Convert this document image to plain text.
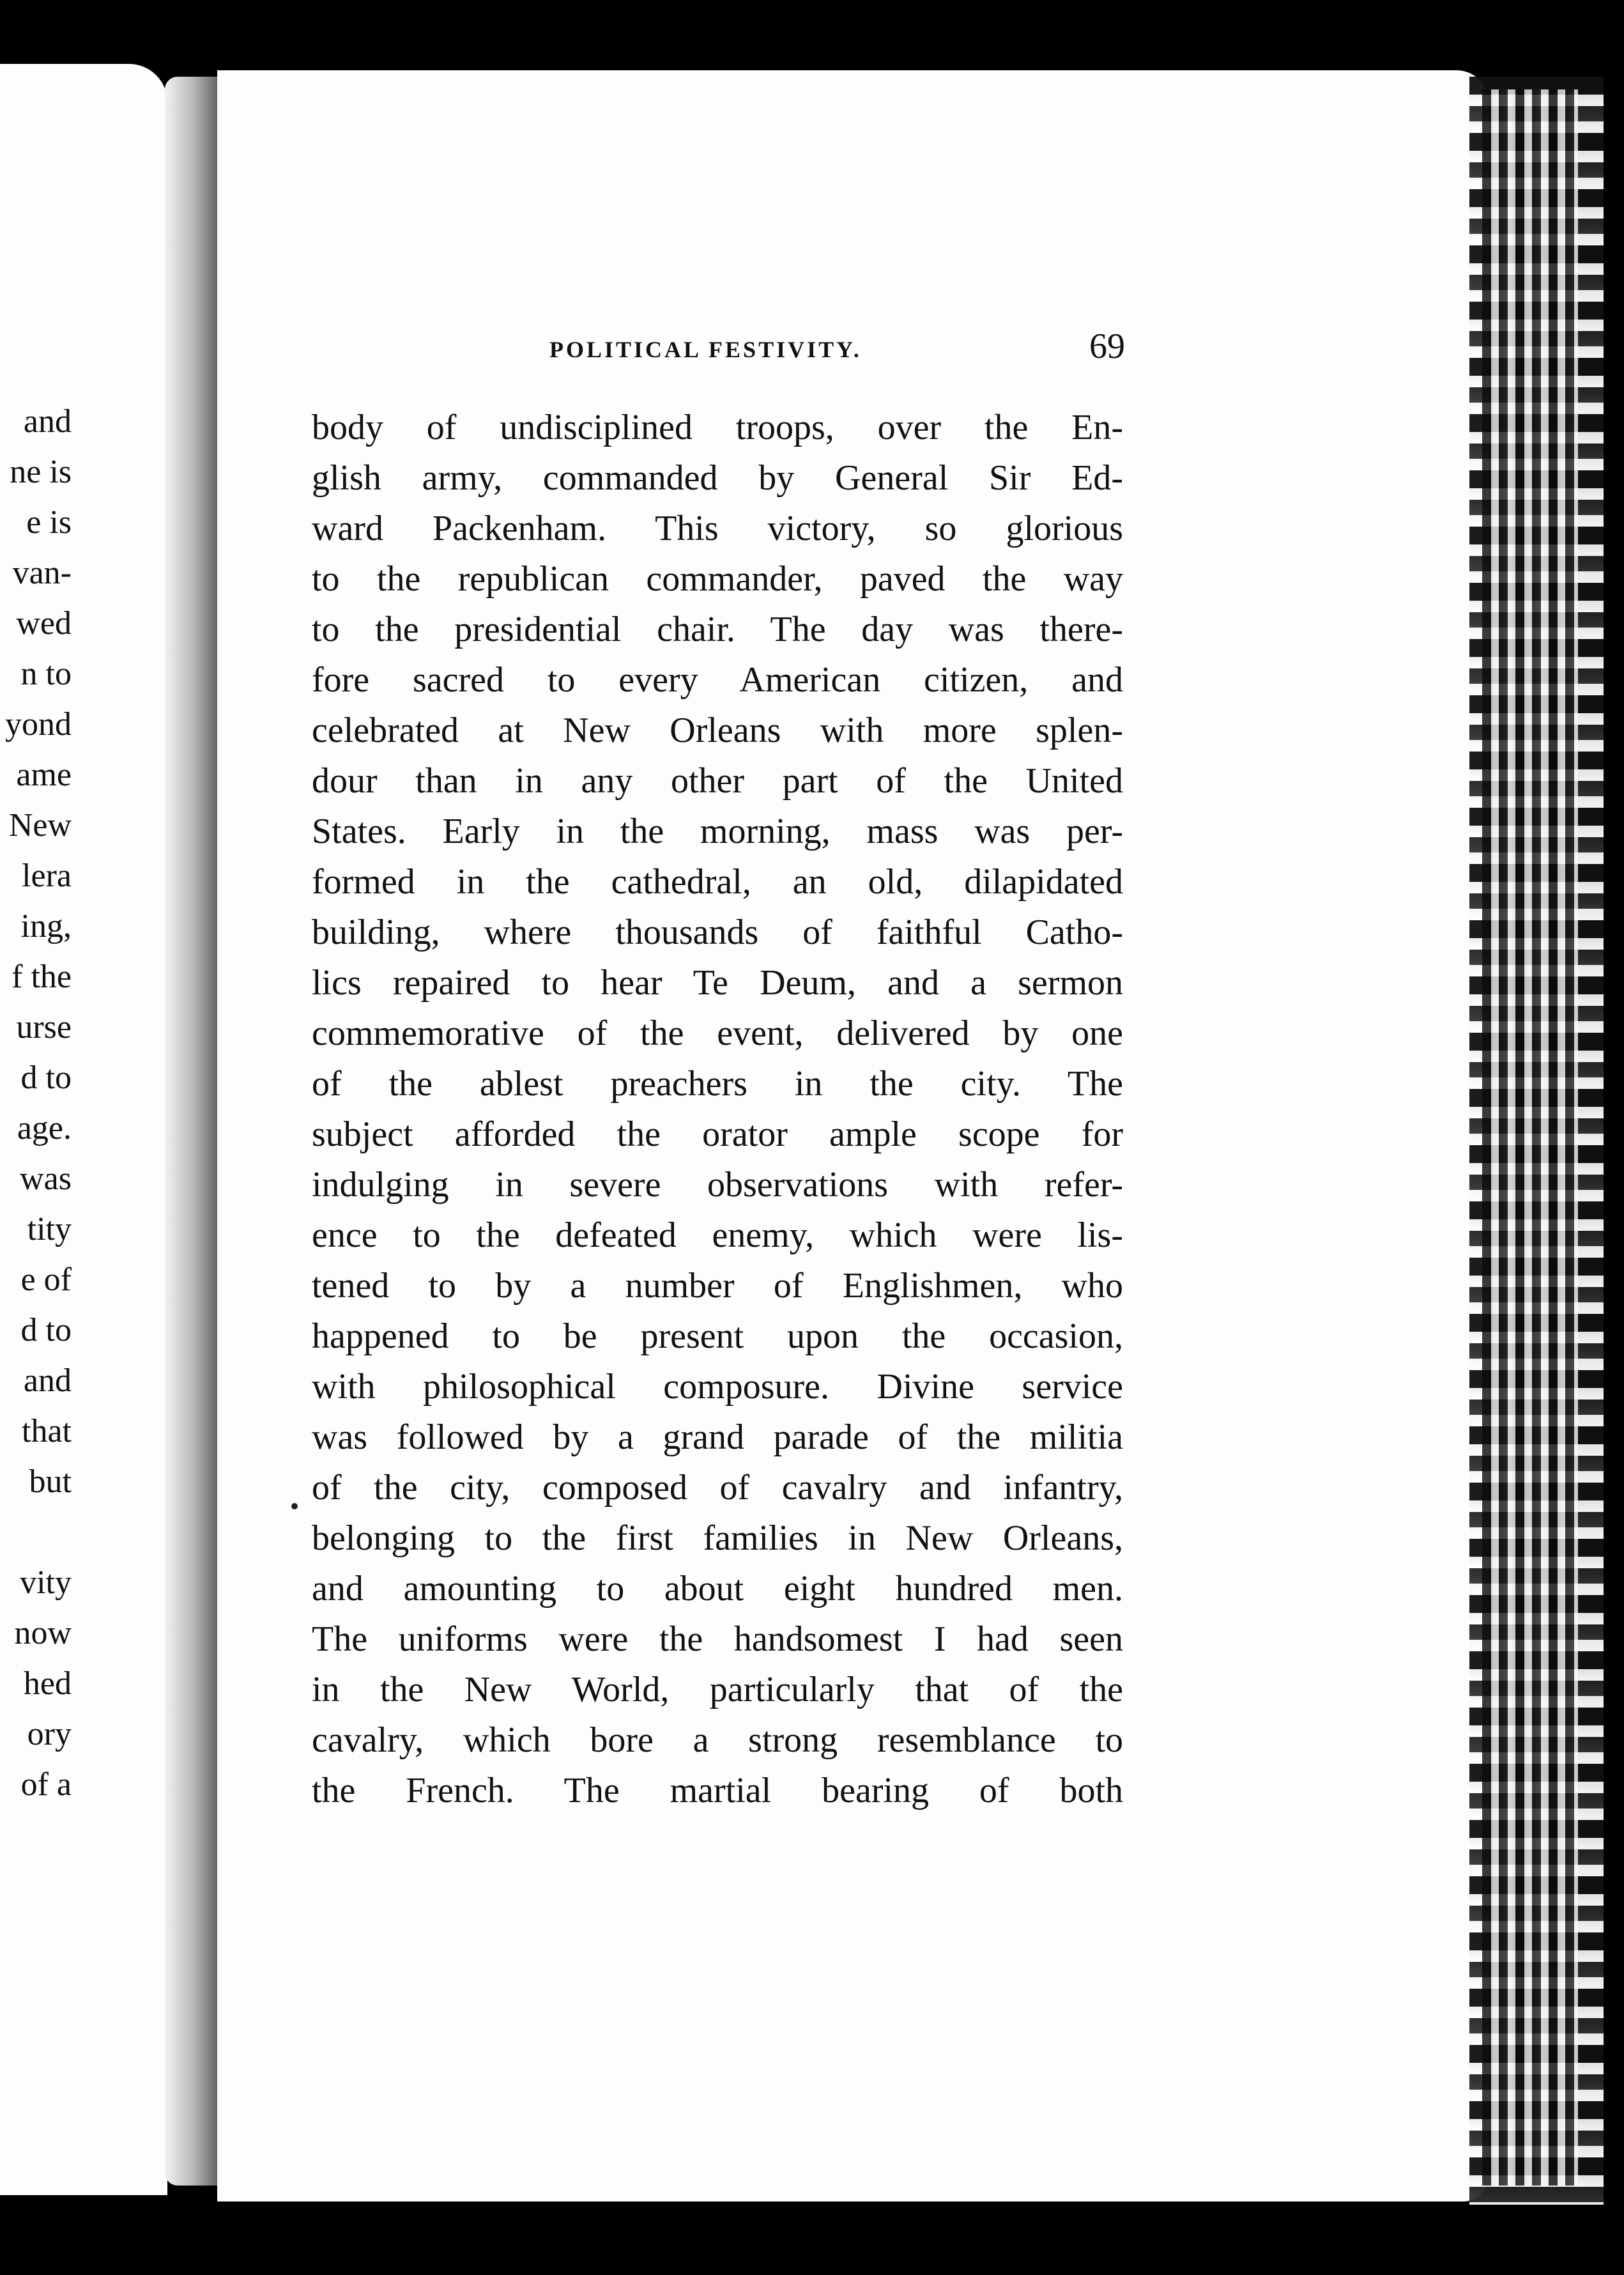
and
ne is
e is
van-
wed
n to
yond
ame
New
lera
ing,
f the
urse
d to
age.
was
tity
e of
d to
and
that
but
vity
now
hed
ory
of a
POLITICAL FESTIVITY.	69
body of undisciplined troops, over the En-
glish army, commanded by General Sir Ed-
ward Packenham. This victory, so glorious
to the republican commander, paved the way
to the presidential chair. The day was there-
fore sacred to every American citizen, and
celebrated at New Orleans with more splen-
dour than in any other part of the United
States. Early in the morning, mass was per-
formed in the cathedral, an old, dilapidated
building, where thousands of faithful Catho-
lics repaired to hear Te Deum, and a sermon
commemorative of the event, delivered by one
of the ablest preachers in the city. The
subject afforded the orator ample scope for
indulging in severe observations with refer-
ence to the defeated enemy, which were lis-
tened to by a number of Englishmen, who
happened to be present upon the occasion,
with philosophical composure. Divine service
was followed by a grand parade of the militia
of the city, composed of cavalry and infantry,
belonging to the first families in New Orleans,
and amounting to about eight hundred men.
The uniforms were the handsomest I had seen
in the New World, particularly that of the
cavalry, which bore a strong resemblance to
the French. The martial bearing of both
